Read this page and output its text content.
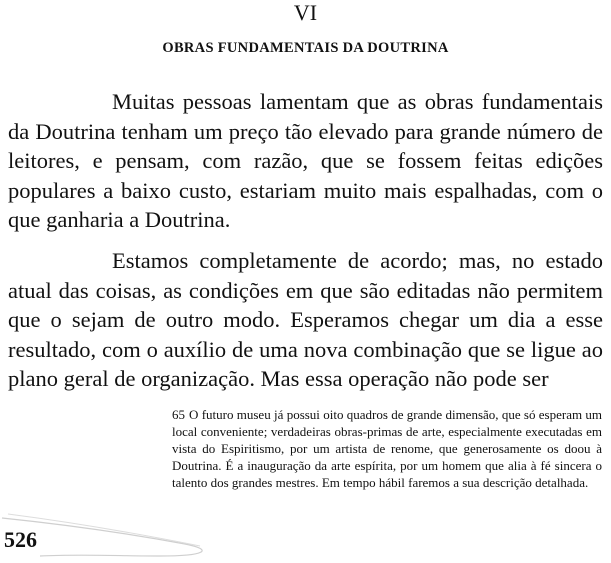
VI
OBRAS FUNDAMENTAIS DA DOUTRINA

Muitas pessoas lamentam que as obras fundamentais da Doutrina tenham um preço tão elevado para grande número de leitores, e pensam, com razão, que se fossem feitas edições populares a baixo custo, estariam muito mais espalhadas, com o que ganharia a Doutrina.

Estamos completamente de acordo; mas, no estado atual das coisas, as condições em que são editadas não permitem que o sejam de outro modo. Esperamos chegar um dia a esse resultado, com o auxílio de uma nova combinação que se ligue ao plano geral de organização. Mas essa operação não pode ser

65 O futuro museu já possui oito quadros de grande dimensão, que só esperam um local conveniente; verdadeiras obras-primas de arte, especialmente executadas em vista do Espiritismo, por um artista de renome, que generosamente os doou à Doutrina. É a inauguração da arte espírita, por um homem que alia à fé sincera o talento dos grandes mestres. Em tempo hábil faremos a sua descrição detalhada.

526
